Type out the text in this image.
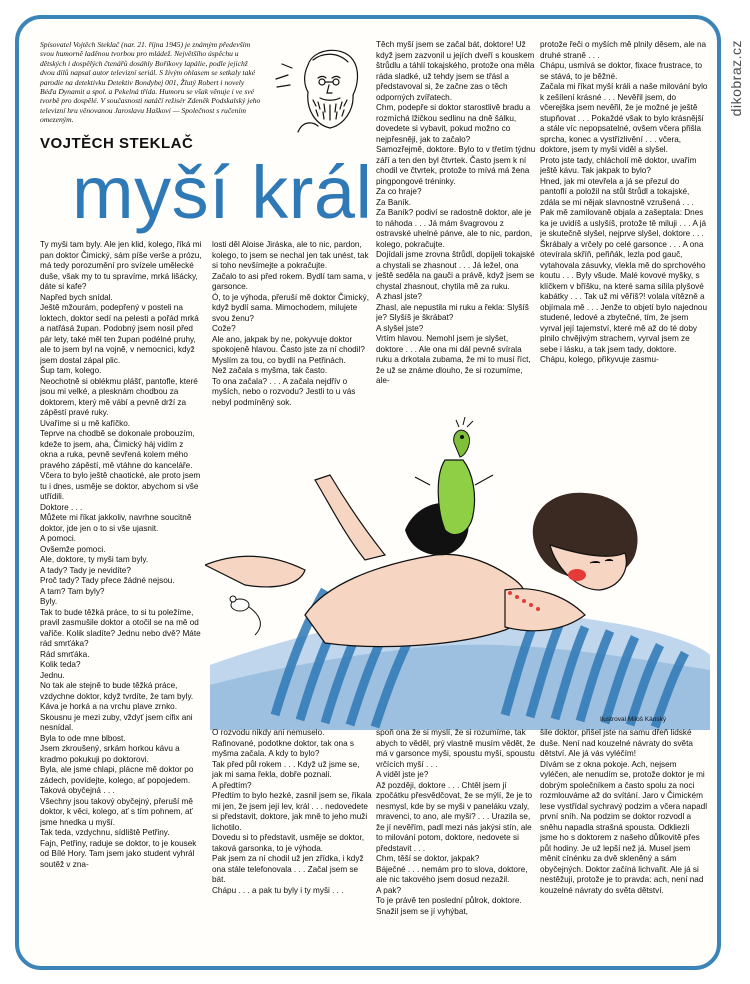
dikobraz.cz
Spisovatel Vojtěch Steklač (nar. 21. října 1945) je známým především svou humorně laděnou tvorbou pro mládež. Největšího úspěchu u dětských i dospělých čtenářů dosáhly Boříkovy lapálie, podle jejichž dvou dílů napsal autor televizní seriál. S živým ohlasem se setkaly také parodie na detektivku Detektiv Bondybej 001, Žlutý Robert i novely Béďa Dynamit a spol. a Pekelná třída. Humoru se však věnuje i ve své tvorbě pro dospělé. V současnosti natáčí režisér Zdeněk Podskalský jeho televizní hru věnovanou Jaroslavu Haškovi — Společnost s ručením omezeným.
VOJTĚCH STEKLAČ
myší král
Ty myši tam byly. Ale jen klid, kolego, říká mi pan doktor Čimický, sám píše verše a prózu, má tedy porozumění pro svízele umělecké duše, však my to tu spravíme, mrká lišácky, dáte si kafe?
Napřed bych snídal.
Ještě mžourám, podepřený v posteli na loktech, doktor sedí na pelesti a pořád mrká a natřásá župan. Podobný jsem nosil před pár lety, také měl ten župan podélné pruhy, ale to jsem byl na vojně, v nemocnici, když jsem dostal zápal plic.
Šup tam, kolego.
Neochotně si oblékmu plášť, pantofle, které jsou mi velké, a plesknám chodbou za doktorem, který mě vábí a pevně drží za zápěstí pravé ruky.
Uvaříme si u mě kafíčko.
Teprve na chodbě se dokonale probouzím, kdeže to jsem, aha, Čimický háj vidím z okna a ruka, pevně sevřená kolem mého pravého zápěstí, mě vtáhne do kanceláře.
Včera to bylo ještě chaotické, ale proto jsem tu i dnes, usměje se doktor, abychom si vše utřídili.
Doktore . . .
Můžete mi říkat jakkoliv, navrhne soucitně doktor, jde jen o to si vše ujasnit.
A pomoci.
Ovšemže pomoci.
Ale, doktore, ty myši tam byly.
A tady? Tady je nevidíte?
Proč tady? Tady přece žádné nejsou.
A tam? Tam byly?
Byly.
Tak to bude těžká práce, to si tu poležíme, pravil zasmušile doktor a otočil se na mě od vařiče. Kolik sladíte? Jednu nebo dvě? Máte rád smrťáka?
Rád smrťáka.
Kolik teda?
Jednu.
No tak ale stejně to bude těžká práce, vzdychne doktor, když tvrdíte, že tam byly.
Káva je horká a na vrchu plave zrnko. Skousnu je mezi zuby, vždyť jsem cifix ani nesnídal.
Byla to ode mne blbost.
Jsem zkroušený, srkám horkou kávu a kradmo pokukuji po doktorovi.
Byla, ale jsme chlapi, plácne mě doktor po zádech, povídejte, kolego, ať popojedem.
Taková obyčejná . . .
Všechny jsou takový obyčejný, přeruší mě doktor, k věci, kolego, ať s tím pohnem, ať jsme hnedka u myší.
Tak teda, vzdychnu, sídliště Petřiny.
Fajn, Petřiny, raduje se doktor, to je kousek od Bílé Hory. Tam jsem jako student vyhrál soutěž v zna-
losti děl Aloise Jiráska, ale to nic, pardon, kolego, to jsem se nechal jen tak unést, tak si toho nevšímejte a pokračujte.
Začalo to asi před rokem. Bydlí tam sama, v garsonce.
Ó, to je výhoda, přeruší mě doktor Čimický, když bydlí sama. Mimochodem, milujete svou ženu?
Cože?
Ale ano, jakpak by ne, pokyvuje doktor spokojeně hlavou. Často jste za ní chodil? Myslím za tou, co bydlí na Petřinách.
Než začala s myšma, tak často.
To ona začala? . . . A začala nejdřív o myších, nebo o rozvodu? Jestli to u vás nebyl podmíněný sok.
Těch myší jsem se začal bát, doktore! Už když jsem zazvonil u jejích dveří s kouskem štrůdlu a táhlí tokajského, protože ona měla ráda sladké, už tehdy jsem se třásl a představoval si, že začne zas o těch odporných zvířatech.
Chm, podepře si doktor starostlivě bradu a rozmíchá lžičkou sedlinu na dně šálku, dovedete si vybavit, pokud možno co nejpřesněji, jak to začalo?
Samozřejmě, doktore. Bylo to v třetím týdnu září a ten den byl čtvrtek. Často jsem k ní chodil ve čtvrtek, protože to mívá má žena pingpongové tréninky.
Za co hraje?
Za Baník.
Za Baník? podiví se radostně doktor, ale je to náhoda . . . Já mám švagrovou z ostravské uhelné pánve, ale to nic, pardon, kolego, pokračujte.
Dojídali jsme zrovna štrůdl, dopíjeli tokajské a chystali se zhasnout . . . Já ležel, ona ještě seděla na gauči a právě, když jsem se chystal zhasnout, chytila mě za ruku.
A zhasl jste?
Zhasl, ale nepustila mi ruku a řekla: Slyšíš je? Slyšíš je škrábat?
A slyšel jste?
Vrtím hlavou. Nemohl jsem je slyšet, doktore . . . Ale ona mi dál pevně svírala ruku a drkotala zubama, že mi to musí říct, že už se známe dlouho, že si rozumíme, ale-
protože řeči o myších mě plnily děsem, ale na druhé straně . . .
Chápu, usmívá se doktor, fixace frustrace, to se stává, to je běžné.
Začala mi říkat myší králi a naše milování bylo k zešílení krásné . . . Nevěřil jsem, do včerejška jsem nevěřil, že je možné je ještě stupňovat . . . Pokaždé však to bylo krásnější a stále víc nepopsatelné, ovšem včera přišla sprcha, konec a vystřízlivění . . . včera, doktore, jsem ty myši viděl a slyšel.
Proto jste tady, chlácholí mě doktor, uvařím ještě kávu. Tak jakpak to bylo?
Hned, jak mi otevřela a já se přezul do pantoflí a položil na stůl štrůdl a tokajské, zdála se mi nějak slavnostně vzrušená . . . Pak mě zamilovaně objala a zašeptala: Dnes ka je uvidíš a uslyšíš, protože tě miluji . . . A já je skutečně slyšel, nejprve slyšel, doktore . . . Škrábaly a vrčely po celé garsonce . . . A ona otevírala skříň, peřiňák, lezla pod gauč, vytahovala zásuvky, vlekla mě do sprchového koutu . . . Byly všude. Malé kovové myšky, s klíčkem v bříšku, na které sama sílila plyšové kabátky . . . Tak už mi věříš?! volala vítězně a objímala mě . . . Jenže to objetí bylo najednou studené, ledové a zbytečné, tím, že jsem vyrval její tajemství, které mě až do té doby plnilo chvějivým strachem, vyrval jsem ze sebe i lásku, a tak jsem tady, doktore.
Chápu, kolego, přikyvuje zasmu-
Ilustroval Miloš Kánský
O rozvodu nikdy ani nemuselo.
Rafinované, podotkne doktor, tak ona s myšma začala. A kdy to bylo?
Tak před půl rokem . . . Když už jsme se, jak mi sama řekla, dobře poznali.
A předtím?
Předtím to bylo hezké, zasnil jsem se, říkala mi jen, že jsem její lev, král . . . nedovedete si představit, doktore, jak mně to jeho muži lichotilo.
Dovedu si to představit, usměje se doktor, taková garsonka, to je výhoda.
Pak jsem za ní chodil už jen zřídka, i když ona stále telefonovala . . . Začal jsem se bát.
Chápu . . . a pak tu byly i ty myši . . .
spoň ona že si myslí, že si rozumíme, tak abych to věděl, prý vlastně musím vědět, že má v garsonce myši, spoustu myší, spoustu vrčících myší . . .
A viděl jste je?
Až později, doktore . . . Chtěl jsem jí zpočátku přesvědčovat, že se mýlí, že je to nesmysl, kde by se myši v paneláku vzaly, mravenci, to ano, ale myši? . . . Urazila se, že jí nevěřím, padl mezi nás jakýsi stín, ale to milování potom, doktore, nedovete si představit . . .
Chm, těší se doktor, jakpak?
Báječné . . . nemám pro to slova, doktore, ale nic takového jsem dosud nezažil.
A pak?
To je právě ten poslední půlrok, doktore. Snažil jsem se jí vyhýbat,
šile doktor, přišel jste na samu dřeň lidské duše. Není nad kouzelné návraty do světa dětství. Ale já vás vyléčím!
Dívám se z okna pokoje. Ach, nejsem vyléčen, ale nenudím se, protože doktor je mi dobrým společníkem a často spolu za noci rozmlouváme až do svítání. Jaro v Čimickém lese vystřídal sychravý podzim a včera napadl první sníh. Na podzim se doktor rozvodl a sněhu napadla strašná spousta. Odkliezli jsme ho s doktorem z našeho důlkovitě přes půl hodiny. Je už lepší než já. Musel jsem měnit cínénku za dvě skleněný a sám obyčejných. Doktor začíná lichvařit. Ale já si nestěžuji, protože je to pravda: ach, není nad kouzelné návraty do světa dětství.
